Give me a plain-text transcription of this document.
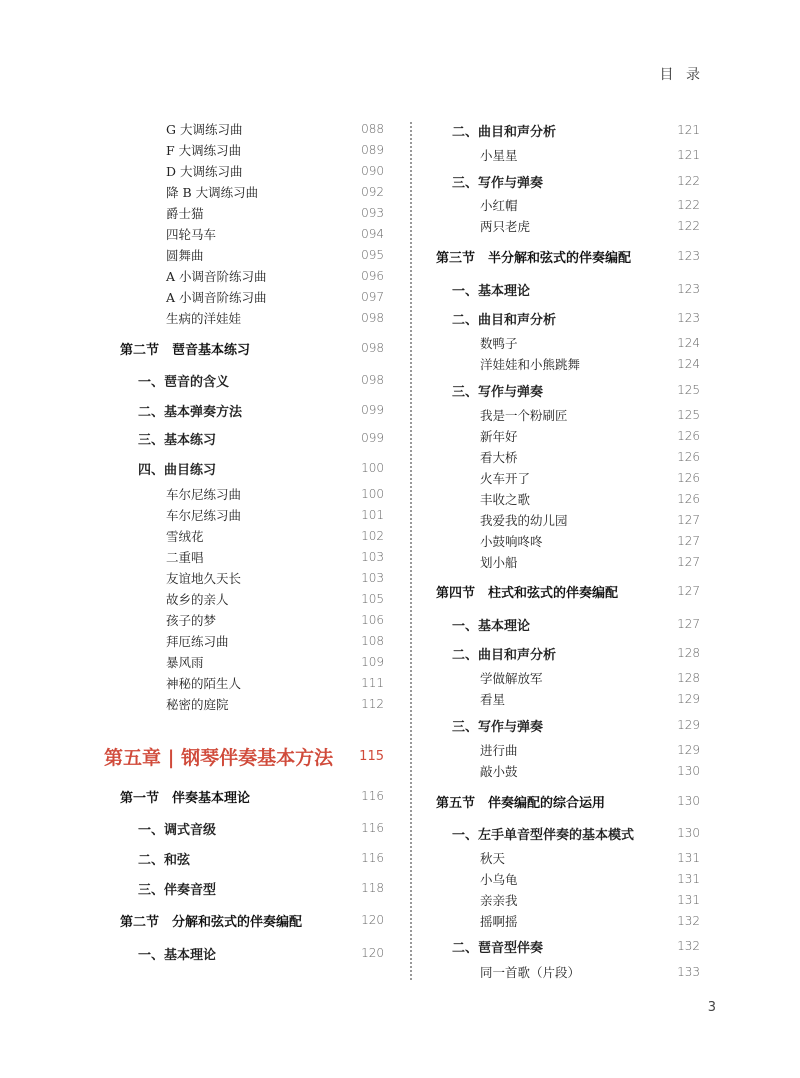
目 录
G 大调练习曲	088
F 大调练习曲	089
D 大调练习曲	090
降 B 大调练习曲	092
爵士猫	093
四轮马车	094
圆舞曲	095
A 小调音阶练习曲	096
A 小调音阶练习曲	097
生病的洋娃娃	098
第二节　琶音基本练习	098
一、琶音的含义	098
二、基本弹奏方法	099
三、基本练习	099
四、曲目练习	100
车尔尼练习曲	100
车尔尼练习曲	101
雪绒花	102
二重唱	103
友谊地久天长	103
故乡的亲人	105
孩子的梦	106
拜厄练习曲	108
暴风雨	109
神秘的陌生人	111
秘密的庭院	112
第五章 | 钢琴伴奏基本方法 115
第一节　伴奏基本理论	116
一、调式音级	116
二、和弦	116
三、伴奏音型	118
第二节　分解和弦式的伴奏编配	120
一、基本理论	120
二、曲目和声分析	121
小星星	121
三、写作与弹奏	122
小红帽	122
两只老虎	122
第三节　半分解和弦式的伴奏编配	123
一、基本理论	123
二、曲目和声分析	123
数鸭子	124
洋娃娃和小熊跳舞	124
三、写作与弹奏	125
我是一个粉刷匠	125
新年好	126
看大桥	126
火车开了	126
丰收之歌	126
我爱我的幼儿园	127
小鼓响咚咚	127
划小船	127
第四节　柱式和弦式的伴奏编配	127
一、基本理论	127
二、曲目和声分析	128
学做解放军	128
看星	129
三、写作与弹奏	129
进行曲	129
敲小鼓	130
第五节　伴奏编配的综合运用	130
一、左手单音型伴奏的基本模式	130
秋天	131
小乌龟	131
亲亲我	131
摇啊摇	132
二、琶音型伴奏	132
同一首歌（片段）	133
3
